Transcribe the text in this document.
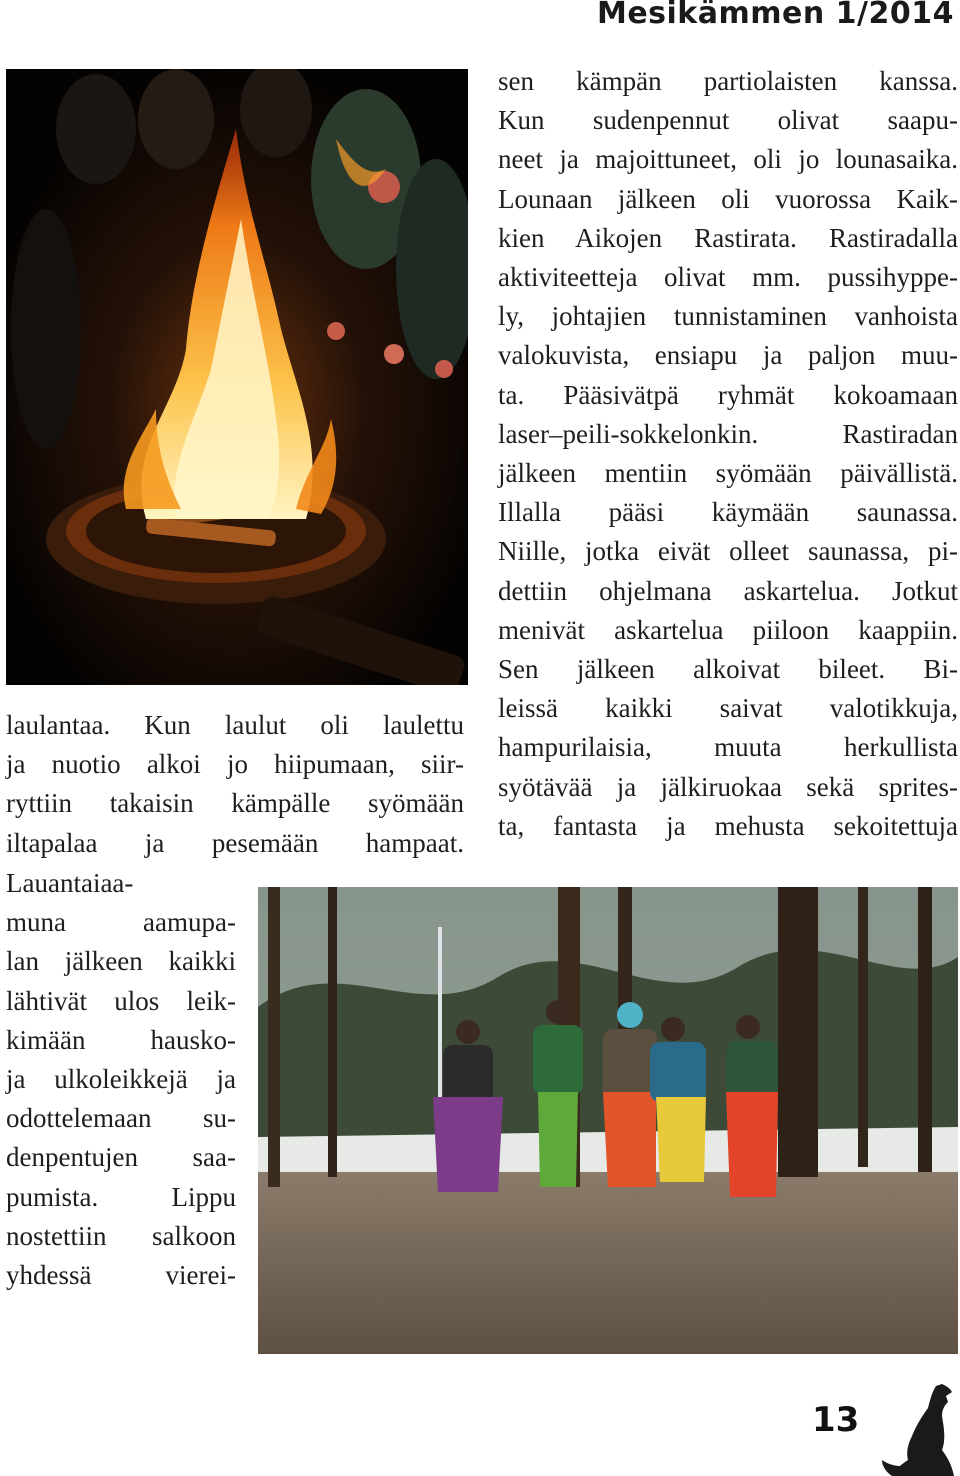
Mesikämmen 1/2014

sen kämpän partiolaisten kanssa.
Kun sudenpennut olivat saapu-
neet ja majoittuneet, oli jo lounasaika.
Lounaan jälkeen oli vuorossa Kaik-
kien Aikojen Rastirata. Rastiradalla
aktiviteetteja olivat mm. pussihyppe-
ly, johtajien tunnistaminen vanhoista
valokuvista, ensiapu ja paljon muu-
ta. Pääsivätpä ryhmät kokoamaan
laser–peili-sokkelonkin. Rastiradan
jälkeen mentiin syömään päivällistä.
Illalla pääsi käymään saunassa.
Niille, jotka eivät olleet saunassa, pi-
dettiin ohjelmana askartelua. Jotkut
menivät askartelua piiloon kaappiin.
Sen jälkeen alkoivat bileet. Bi-
leissä kaikki saivat valotikkuja,
hampurilaisia, muuta herkullista
syötävää ja jälkiruokaa sekä sprites-
ta, fantasta ja mehusta sekoitettuja

laulantaa. Kun laulut oli laulettu
ja nuotio alkoi jo hiipumaan, siir-
ryttiin takaisin kämpälle syömään
iltapalaa ja pesemään hampaat.

Lauantaiaa-
muna aamupa-
lan jälkeen kaikki
lähtivät ulos leik-
kimään hausko-
ja ulkoleikkejä ja
odottelemaan su-
denpentujen saa-
pumista. Lippu
nostettiin salkoon
yhdessä vierei-

13
